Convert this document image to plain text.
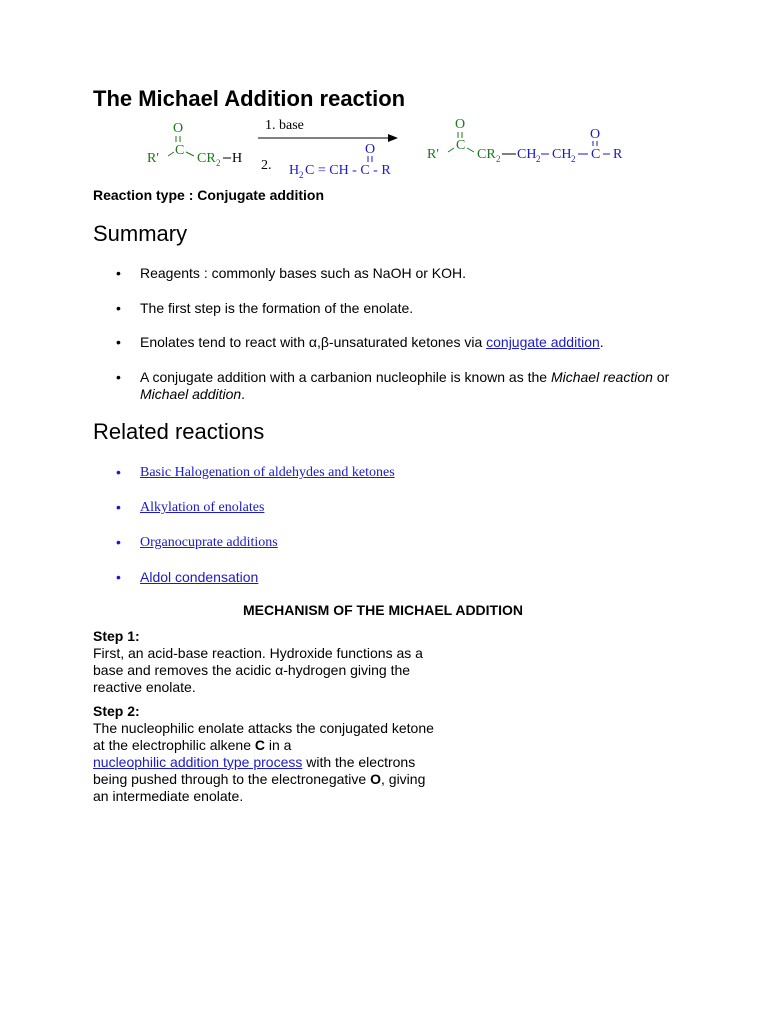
The Michael Addition reaction
O
R'
C
CR 2 H
1. base
2.
O
H 2 C = CH - C - R
O
R'
C
CR 2 CH 2 CH 2
O
C R
Reaction type : Conjugate addition
Summary
• Reagents : commonly bases such as NaOH or KOH.
• The first step is the formation of the enolate.
• Enolates tend to react with α,β-unsaturated ketones via conjugate addition.
• A conjugate addition with a carbanion nucleophile is known as the Michael reaction or Michael addition.
Related reactions
• Basic Halogenation of aldehydes and ketones
• Alkylation of enolates
• Organocuprate additions
• Aldol condensation
MECHANISM OF THE MICHAEL ADDITION
Step 1:
First, an acid-base reaction. Hydroxide functions as a base and removes the acidic α-hydrogen giving the reactive enolate.
Step 2:
The nucleophilic enolate attacks the conjugated ketone at the electrophilic alkene C in a
nucleophilic addition type process with the electrons being pushed through to the electronegative O, giving an intermediate enolate.
